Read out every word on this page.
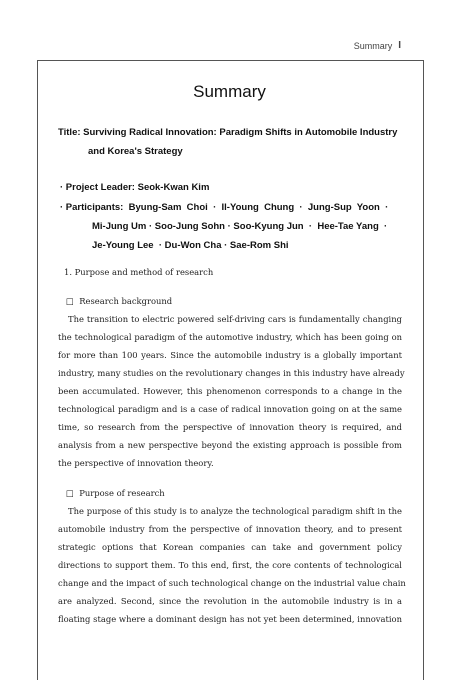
Summary I
Summary
Title: Surviving Radical Innovation: Paradigm Shifts in Automobile Industry
and Korea's Strategy
· Project Leader: Seok-Kwan Kim
· Participants:  Byung-Sam  Choi  ·  Il-Young  Chung  ·  Jung-Sup  Yoon  ·
Mi-Jung Um · Soo-Jung Sohn · Soo-Kyung Jun  ·  Hee-Tae Yang  ·
Je-Young Lee  · Du-Won Cha · Sae-Rom Shi
1. Purpose and method of research
□  Research background
The transition to electric powered self-driving cars is fundamentally changing
the technological paradigm of the automotive industry, which has been going on
for more than 100 years. Since the automobile industry is a globally important
industry, many studies on the revolutionary changes in this industry have already
been accumulated. However, this phenomenon corresponds to a change in the
technological paradigm and is a case of radical innovation going on at the same
time, so research from the perspective of innovation theory is required, and
analysis from a new perspective beyond the existing approach is possible from
the perspective of innovation theory.
□  Purpose of research
The purpose of this study is to analyze the technological paradigm shift in the
automobile industry from the perspective of innovation theory, and to present
strategic options that Korean companies can take and government policy
directions to support them. To this end, first, the core contents of technological
change and the impact of such technological change on the industrial value chain
are analyzed. Second, since the revolution in the automobile industry is in a
floating stage where a dominant design has not yet been determined, innovation
